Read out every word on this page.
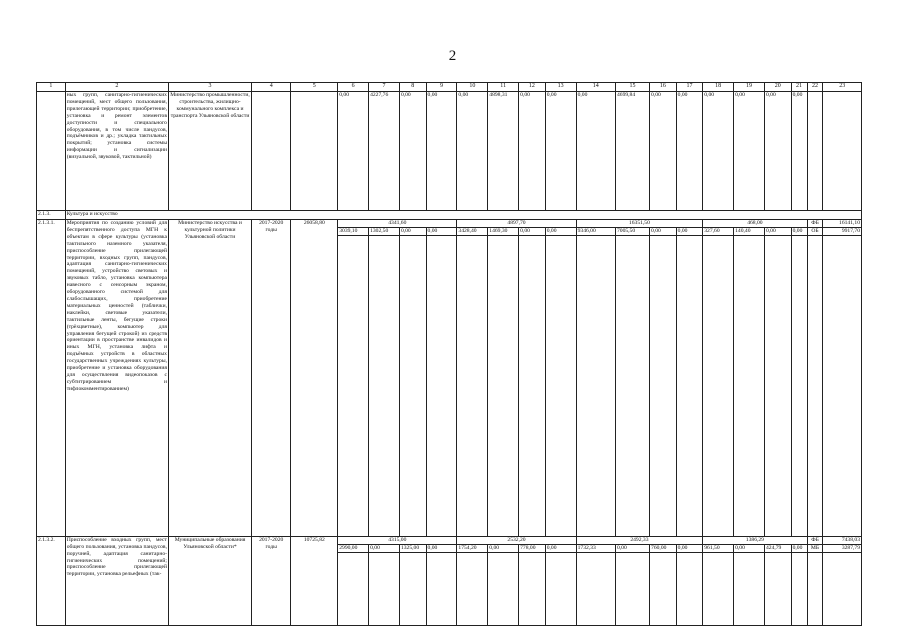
2
1	2	3	4	5	6	7	8	9	10	11	12	13	14	15	16	17	18	19	20	21	22	23
	ных групп, санитарно-гигиенических помещений, мест общего пользования, прилегающей территории; приобретение, установка и ремонт элементов доступности и специального оборудования, в том числе пандусов, подъёмников и др.; укладка тактильных покрытий; установка системы информации и сигнализации (визуальной, звуковой, тактильной)	Министерство промышленности, строительства, жилищно-коммунального комплекса и транспорта Ульяновской области			0,00	4227,76	0,00	0,00	0,00	4898,31	0,00	0,00	0,00	4699,84	0,00	0,00	0,00	0,00	0,00	0,00		
2.1.3.	Культура и искусство																					
2.1.3.1.	Мероприятия по созданию условий для беспрепятственного доступа МГН к объектам в сфере культуры (установка тактильного наземного указателя, приспособление прилегающей территории, входных групп, пандусов, адаптация санитарно-гигиенических помещений, устройство световых и звуковых табло, установка компьютера навесного с сенсорным экраном, оборудованного системой для слабослышащих, приобретение материальных ценностей (таблички, наклейки, световые указатели, тактильные ленты, бегущие строки (трёхцветные), компьютер для управления бегущей строкой) из средств ориентации в пространстве инвалидов и иных МГН, установка лифта и подъёмных устройств в областных государственных учреждениях культуры, приобретение и установка оборудования для осуществления видеопоказов с субтитрированием и тифлокомментированием)	Министерство искусства и культурной политики Ульяновской области	2017-2020 годы	26058,80	4341,60				4897,70				16351,50				468,00				ФБ	16141,10
					3039,10	1302,50	0,00	0,00	3428,40	1469,30	0,00	0,00	9346,00	7005,50	0,00	0,00	327,60	140,40	0,00	0,00	ОБ	9917,70

2.1.3.2.	Приспособление входных групп, мест общего пользования, установка пандусов, поручней, адаптация санитарно-гигиенических помещений; приспособление прилегающей территории, установка рельефных (так-	Муниципальные образования Ульяновской области*	2017-2020 годы	10725,82	4315,00				2532,20				2492,33				1386,29				ФБ	7438,03
					2990,00	0,00	1325,00	0,00	1754,20	0,00	778,00	0,00	1732,33	0,00	760,00	0,00	961,50	0,00	424,79	0,00	МБ	3287,79
